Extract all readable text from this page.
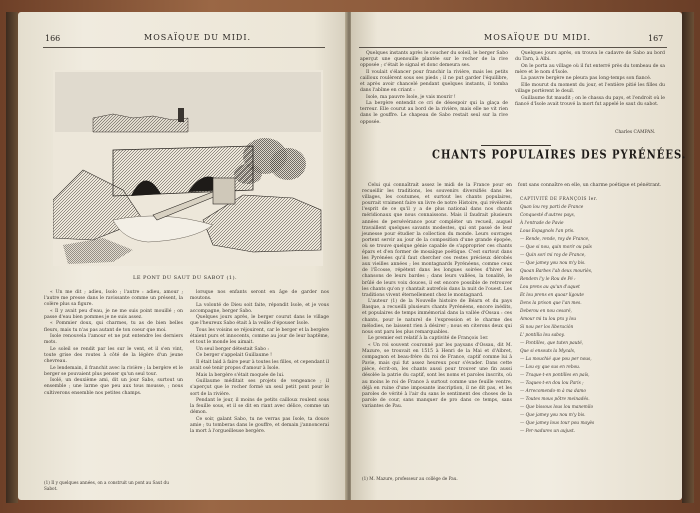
166	MOSAÏQUE DU MIDI.
LE PONT DU SAUT DU SABOT (1).

« Un me dit ; adieu, Isolo ; l'autre : adieu, amour ; l'autre me presse dans le ravissante comme un présent, la colère plus sa figure.

« Il y avait peu d'eau, je ne me suis point mouillé ; on passe d'eau bien pommes je ne suis assez.

« Pommier doux, qui charmes, tu as de bien belles fleurs, mais tu n'as pas autant de ton coeur que moi.

Isole renouvela l'amour et ne put entendre les derniers mots.

Le soleil se rendit par les sur le vent, et il s'en vint, toute grise des routes à côté de la légère d'un jeune chevreau.

Le lendemain, il franchit avec la rivière ; la bergère et le berger se pouvaient plus penser qu'un seul tour.

Isolé, un deuxième ami, dit un jour Sabo, surtout un ensemble ; une larme que peu aux tous mousse, ; nous cultiverons ensemble nos petites champs.

(1) Il y quelques années, on a construit un pont au Saut du Sabot.

lorsque nos enfants seront en âge de garder nos moutons.

La volonté de Dieu soit faite, répondit Isole, et je vous accompagne, berger Sabo.

Quelques jours après, le berger courut dans le village que l'heureux Sabo était à la veille d'épouser Isole.

Tous les voisins se réjouirent, car le berger et la bergère étaient purs et innocents, comme au jour de leur baptême, et tout le monde les aimait.

Un seul berger détestait Sabo :

Ce berger s'appelait Guillaume !

Il était laid à faire peur à toutes les filles, et cependant il avait osé tenir propos d'amour à Isole.

Mais la bergère s'était moquée de lui.

Guillaume méditait ses projets de vengeance ; il s'aperçut que le rocher formé un seul petit pont pour le sort de la rivière.

Pendant le jour, il moins de petits cailloux roulent sous la feuille sous, et il se dit en riant avec délice, comme un démon.

Ce soir, galant Sabo, tu ne verras pas Isole, ta douce amie ; tu tomberas dans le gouffre, et demain j'annoncerai la mort à l'orgueilleuse bergère.

MOSAÏQUE DU MIDI.	167

Quelques instants après le coucher du soleil, le berger Sabo aperçut une quenouille plantée sur le rocher de la rive opposée ; c'était le signal et donc demeura ses.

Il voulait s'élancer pour franchir la rivière, mais les petits cailloux roulèrent sous ses pieds ; il ne put garder l'équilibre, et après avoir chancelé pendant quelques instants, il tomba dans l'abîme en criant :

Isole, ma pauvre Isole, je vais mourir !

La bergère entendit ce cri de désespoir qui la glaça de terreur. Elle courut au bord de la rivière, mais elle ne vit rien dans le gouffre. Le chapeau de Sabo restait seul sur la rive opposée.

Quelques jours après, on trouva le cadavre de Sabo au bord du Tarn, à Albi.

On le porta au village où il fut enterré près du tombeau de sa mère et le nom d'Isole.

La pauvre bergère ne pleura pas long-temps son fiancé.

Elle mourut du moment du jour, et l'entière pitié les filles du village portèrent le deuil.

Guillaume fut maudit ; on le chassa du pays, et l'endroit où le fiancé d'Isole avait trouvé la mort fut appelé le saut du sabot.

Charles CAMPAN.
CHANTS POPULAIRES DES PYRÉNÉES.

Celui qui connaîtrait assez le midi de la France pour en recueillir les traditions, les souvenirs diversifiés dans les villages, les coutumes, et surtout les chants populaires, pourrait vraiment faire un livre de notre Histoire, qui révèlerait l'esprit de ce qu'il y a de plus national dans nos chants méridionaux que nous connaissons. Mais il faudrait plusieurs années de persévérance pour compléter un recueil, auquel travaillent quelques savants modestes, qui ont passé de leur jeunesse pour étudier la collection du monde. Leurs ouvrages portent servir au jour de la composition d'une grande épopée, où se trouve quelque génie capable de s'approprier ces chants épars et d'en former de mosaïque poétique. C'est surtout dans les Pyrénées qu'il faut chercher ces restes précieux dérobés aux vieilles années ; les montagnards Pyrénéens, comme ceux de l'Écosse, répètent dans les longues soirées d'hiver les chansons de leurs bardes ; dans leurs vallées, la tonalité, le brûlé de leurs voix douces, il est encore possible de retrouver les chants qu'on y chantait autrefois dans la nuit de l'ouest. Les traditions vivent éternellement chez le montagnard.

L'auteur (1) de la Nouvelle histoire de Béarn et du pays Basque, a recueilli plusieurs chants Pyrénéens, encore inédits, et populaires de temps immémorial dans la vallée d'Ossau : ces chants, pour le naturel de l'expression et le charme des mélodies, ne laissent rien à désirer ; nous en citerons deux qui nous ont paru les plus remarquables.

Le premier est relatif à la captivité de François 1er.

« Un roi souvent couronné par les paysans d'Ossau, dit M. Mazure, se trouvait en 1515 à Henri de la Mai et d'Albret, compagnon et beau-frère du roi de France, captif comme lui à Pavie, mais qui fut assez heureux pour s'évader. Dans cette pièce, écrit-on, les chants aussi pour trouver une fin aussi désolée la patrie du captif, sont les noms et paroles inscrits, où au moins le roi de France à surtout comme une feuille ventre, déjà en ruine d'une imposante inscription, il ne dit pas, et les paroles de vérité à l'air du sans le sentiment des choses de la parole de cour, sans manquer de pro dans ce temps, sans variantes de Pau.

(1) M. Mazure, professeur au collège de Pau.
font sans connaître en elle, un charme poétique et pénétrant.
CAPTIVITÉ DE FRANÇOIS Ier.
Quan lou rey parti de France
Conquesté d'autres pays,
À l'entrade de Pavie
Lous Espagnols l'an pris.
— Rende, rende, roy de France,
— Que si nou, quin morir ou païs
— Quin sori mi roy de France,
— Que jamey you nou m'y bis.
Quoan Barbes l'ab deux mouriès,
Rendem l'y le Rou de Pé :
Lou prens au qu'un d'aquet
Et lou prens en quoar ligoute
Dens la prison que l'an mes.
Deberou en nou cesaré,
Amour mi tu lou pra y lou
Si nou per los liberación
L' pontilla lou saboy.
— Pontilles, que tuten pauté,
Que si ensouts la Mycals,
— La mouchié que pou per nous,
— Lou ey que sus en rebou.
— Traque-t-en pontilles en païs,
— Taques-t-en dou lou Paris ;
— Arrecomendo-m à ma damo
— Toutes mous pôtre meinadés.
— Que bissous lous lou manemilo
— Que jamey you nou m'y bis.
— Que jamey lous tour pou mayès
— Per-nadures un aujust.
